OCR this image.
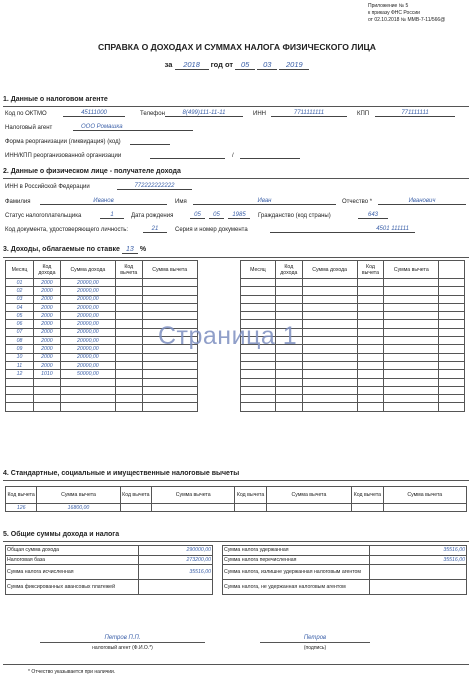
Приложение № 5
к приказу ФНС России
от 02.10.2018 № ММВ-7-11/566@
СПРАВКА О ДОХОДАХ И СУММАХ НАЛОГА ФИЗИЧЕСКОГО ЛИЦА
за 2018 год от 05 03 2019
1. Данные о налоговом агенте
Код по ОКТМО	45111000	Телефон	8(499)111-11-11	ИНН	7711111111	КПП	771111111
Налоговый агент	ООО Ромашка
Форма реорганизации (ликвидация) (код)
ИНН/КПП реорганизованной организации	/
2. Данные о физическом лице - получателе дохода
ИНН в Российской Федерации	772222222222
Фамилия	Иванов	Имя	Иван	Отчество *	Иванович
Статус налогоплательщика	1	Дата рождения	05	05	1985	Гражданство (код страны)	643
Код документа, удостоверяющего личность:	21	Серия и номер документа	4501 111111
3. Доходы, облагаемые по ставке 13 %
Месяц	Код дохода	Сумма дохода	Код вычета	Сумма вычета	
01	2000	20000,00			
02	2000	20000,00			
03	2000	20000,00			
04	2000	20000,00			
05	2000	20000,00			
06	2000	20000,00			
07	2000	20000,00			
08	2000	20000,00			
09	2000	20000,00			
10	2000	20000,00			
11	2000	20000,00			
12	1010	50000,00			

Месяц	Код дохода	Сумма дохода	Код вычета	Сумма вычета	

Страница 1
4. Стандартные, социальные и имущественные налоговые вычеты
Код вычета	Сумма вычета	Код вычета	Сумма вычета	Код вычета	Сумма вычета	Код вычета	Сумма вычета
126	16800,00						
5. Общие суммы дохода и налога
Общая сумма дохода	290000,00
Налоговая база	273200,00
Сумма налога исчисленная	35516,00
Сумма фиксированных авансовых платежей	
Сумма налога удержанная	35516,00
Сумма налога перечисленная	35516,00
Сумма налога, излишне удержанная налоговым агентом	
Сумма налога, не удержанная налоговым агентом	
Петров П.П.
налоговый агент (Ф.И.О.*)
Петров
(подпись)
* Отчество указывается при наличии.
